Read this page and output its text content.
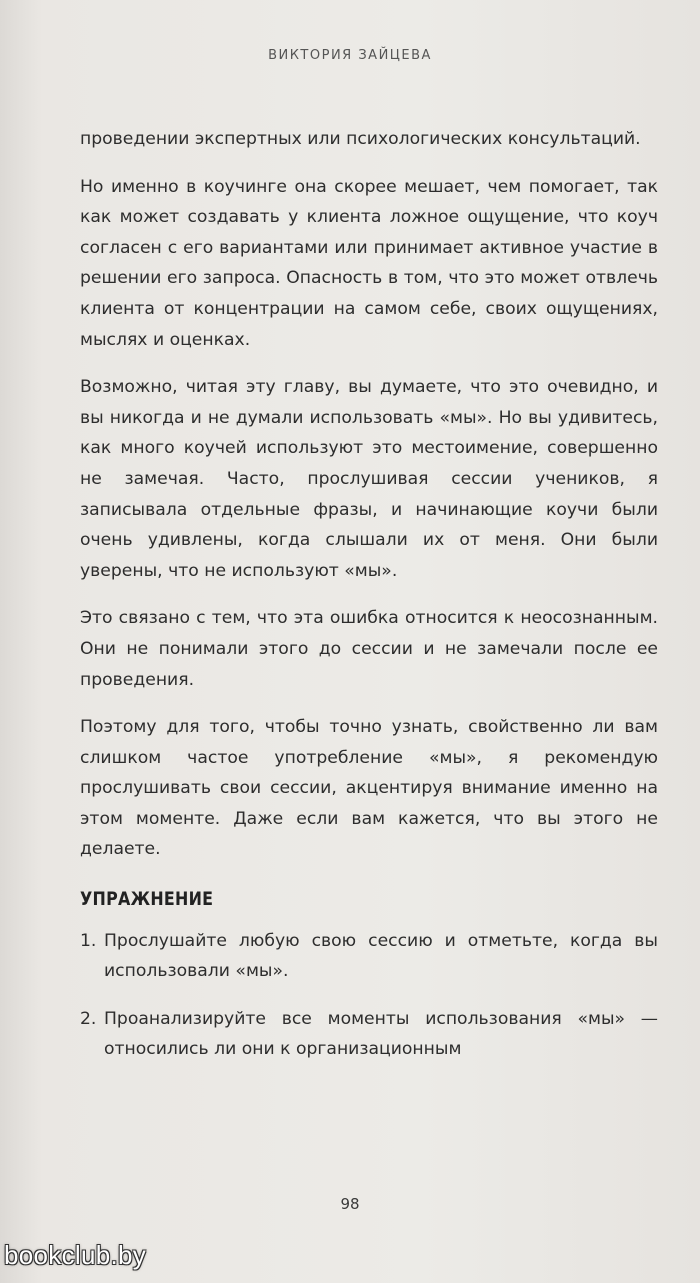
ВИКТОРИЯ ЗАЙЦЕВА

проведении экспертных или психологических консультаций.

Но именно в коучинге она скорее мешает, чем помогает, так как может создавать у клиента ложное ощущение, что коуч согласен с его вариантами или принимает активное участие в решении его запроса. Опасность в том, что это может отвлечь клиента от концентрации на самом себе, своих ощущениях, мыслях и оценках.

Возможно, читая эту главу, вы думаете, что это очевидно, и вы никогда и не думали использовать «мы». Но вы удивитесь, как много коучей используют это местоимение, совершенно не замечая. Часто, прослушивая сессии учеников, я записывала отдельные фразы, и начинающие коучи были очень удивлены, когда слышали их от меня. Они были уверены, что не используют «мы».

Это связано с тем, что эта ошибка относится к неосознанным. Они не понимали этого до сессии и не замечали после ее проведения.

Поэтому для того, чтобы точно узнать, свойственно ли вам слишком частое употребление «мы», я рекомендую прослушивать свои сессии, акцентируя внимание именно на этом моменте. Даже если вам кажется, что вы этого не делаете.

УПРАЖНЕНИЕ
1. Прослушайте любую свою сессию и отметьте, когда вы использовали «мы».
2. Проанализируйте все моменты использования «мы» — относились ли они к организационным
98
bookclub.by
